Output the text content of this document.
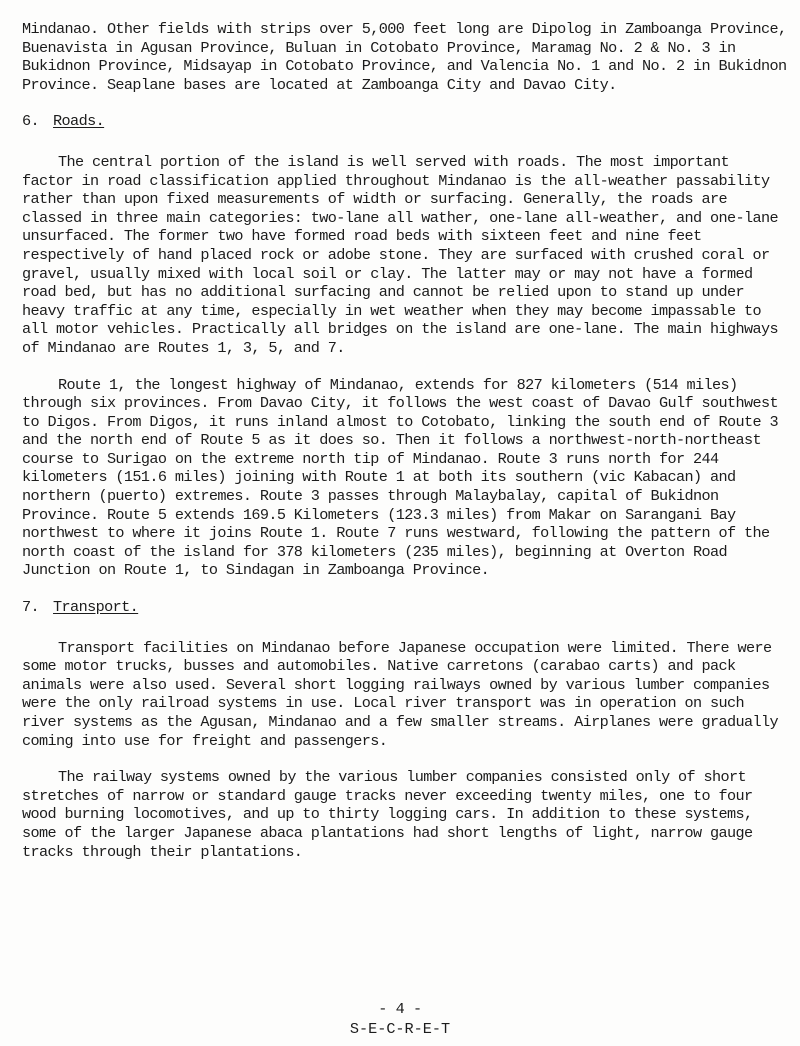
Mindanao. Other fields with strips over 5,000 feet long are Dipolog in Zamboanga Province, Buenavista in Agusan Province, Buluan in Cotobato Province, Maramag No. 2 & No. 3 in Bukidnon Province, Midsayap in Cotobato Province, and Valencia No. 1 and No. 2 in Bukidnon Province. Seaplane bases are located at Zamboanga City and Davao City.

6. Roads.

The central portion of the island is well served with roads. The most important factor in road classification applied throughout Mindanao is the all-weather passability rather than upon fixed measurements of width or surfacing. Generally, the roads are classed in three main categories: two-lane all wather, one-lane all-weather, and one-lane unsurfaced. The former two have formed road beds with sixteen feet and nine feet respectively of hand placed rock or adobe stone. They are surfaced with crushed coral or gravel, usually mixed with local soil or clay. The latter may or may not have a formed road bed, but has no additional surfacing and cannot be relied upon to stand up under heavy traffic at any time, especially in wet weather when they may become impassable to all motor vehicles. Practically all bridges on the island are one-lane. The main highways of Mindanao are Routes 1, 3, 5, and 7.

Route 1, the longest highway of Mindanao, extends for 827 kilometers (514 miles) through six provinces. From Davao City, it follows the west coast of Davao Gulf southwest to Digos. From Digos, it runs inland almost to Cotobato, linking the south end of Route 3 and the north end of Route 5 as it does so. Then it follows a northwest-north-northeast course to Surigao on the extreme north tip of Mindanao. Route 3 runs north for 244 kilometers (151.6 miles) joining with Route 1 at both its southern (vic Kabacan) and northern (puerto) extremes. Route 3 passes through Malaybalay, capital of Bukidnon Province. Route 5 extends 169.5 Kilometers (123.3 miles) from Makar on Sarangani Bay northwest to where it joins Route 1. Route 7 runs westward, following the pattern of the north coast of the island for 378 kilometers (235 miles), beginning at Overton Road Junction on Route 1, to Sindagan in Zamboanga Province.

7. Transport.

Transport facilities on Mindanao before Japanese occupation were limited. There were some motor trucks, busses and automobiles. Native carretons (carabao carts) and pack animals were also used. Several short logging railways owned by various lumber companies were the only railroad systems in use. Local river transport was in operation on such river systems as the Agusan, Mindanao and a few smaller streams. Airplanes were gradually coming into use for freight and passengers.

The railway systems owned by the various lumber companies consisted only of short stretches of narrow or standard gauge tracks never exceeding twenty miles, one to four wood burning locomotives, and up to thirty logging cars. In addition to these systems, some of the larger Japanese abaca plantations had short lengths of light, narrow gauge tracks through their plantations.

- 4 -
S-E-C-R-E-T
